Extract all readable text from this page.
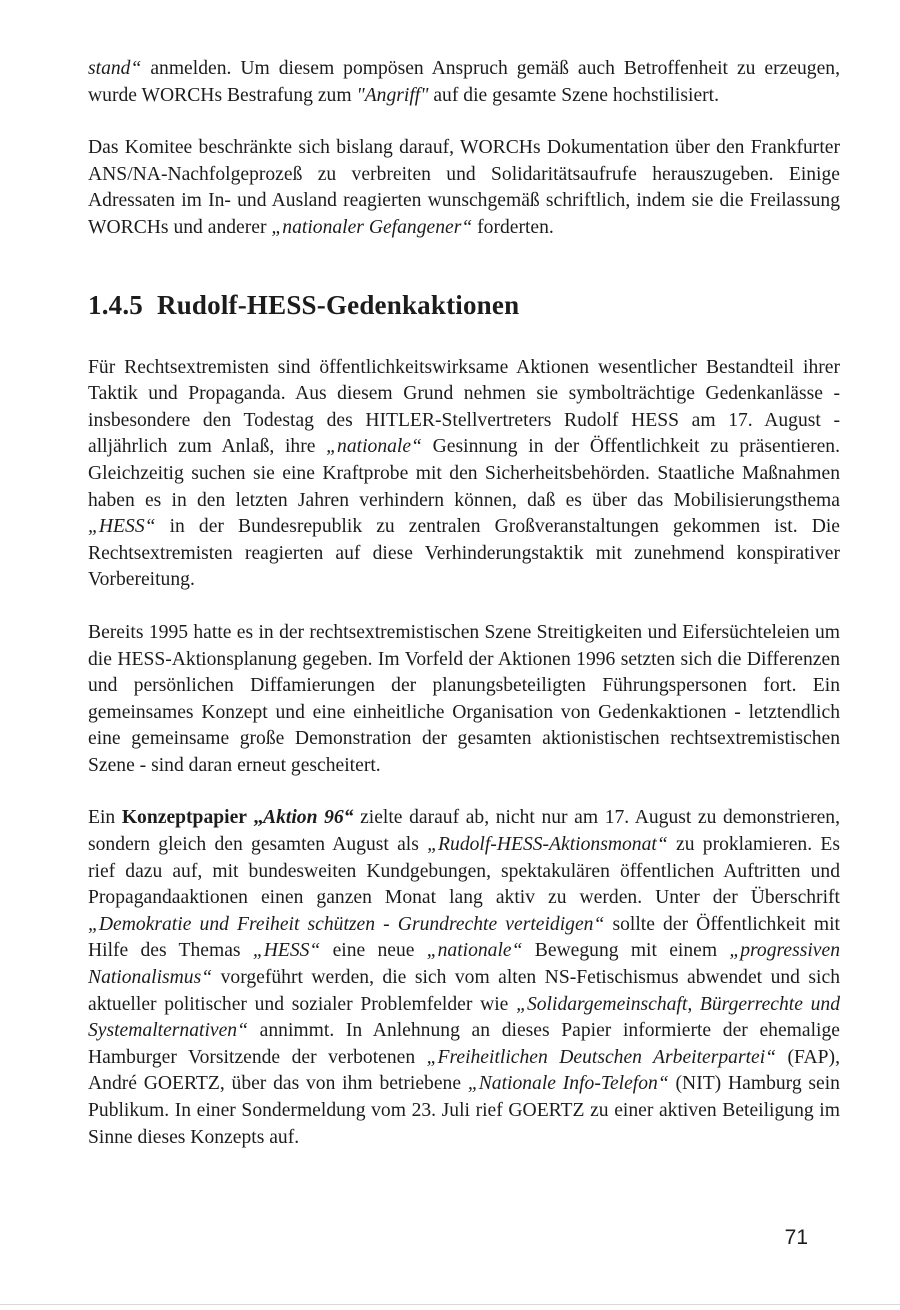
stand“ anmelden. Um diesem pompösen Anspruch gemäß auch Betroffenheit zu erzeugen, wurde WORCHs Bestrafung zum "Angriff" auf die gesamte Szene hochstilisiert.

Das Komitee beschränkte sich bislang darauf, WORCHs Dokumentation über den Frankfurter ANS/NA-Nachfolgeprozeß zu verbreiten und Solidaritätsaufrufe herauszugeben. Einige Adressaten im In- und Ausland reagierten wunschgemäß schriftlich, indem sie die Freilassung WORCHs und anderer „nationaler Gefangener“ forderten.

1.4.5 Rudolf-HESS-Gedenkaktionen

Für Rechtsextremisten sind öffentlichkeitswirksame Aktionen wesentlicher Bestandteil ihrer Taktik und Propaganda. Aus diesem Grund nehmen sie symbolträchtige Gedenkanlässe - insbesondere den Todestag des HITLER-Stellvertreters Rudolf HESS am 17. August - alljährlich zum Anlaß, ihre „nationale“ Gesinnung in der Öffentlichkeit zu präsentieren. Gleichzeitig suchen sie eine Kraftprobe mit den Sicherheitsbehörden. Staatliche Maßnahmen haben es in den letzten Jahren verhindern können, daß es über das Mobilisierungsthema „HESS“ in der Bundesrepublik zu zentralen Großveranstaltungen gekommen ist. Die Rechtsextremisten reagierten auf diese Verhinderungstaktik mit zunehmend konspirativer Vorbereitung.

Bereits 1995 hatte es in der rechtsextremistischen Szene Streitigkeiten und Eifersüchteleien um die HESS-Aktionsplanung gegeben. Im Vorfeld der Aktionen 1996 setzten sich die Differenzen und persönlichen Diffamierungen der planungsbeteiligten Führungspersonen fort. Ein gemeinsames Konzept und eine einheitliche Organisation von Gedenkaktionen - letztendlich eine gemeinsame große Demonstration der gesamten aktionistischen rechtsextremistischen Szene - sind daran erneut gescheitert.

Ein Konzeptpapier „Aktion 96“ zielte darauf ab, nicht nur am 17. August zu demonstrieren, sondern gleich den gesamten August als „Rudolf-HESS-Aktionsmonat“ zu proklamieren. Es rief dazu auf, mit bundesweiten Kundgebungen, spektakulären öffentlichen Auftritten und Propagandaaktionen einen ganzen Monat lang aktiv zu werden. Unter der Überschrift „Demokratie und Freiheit schützen - Grundrechte verteidigen“ sollte der Öffentlichkeit mit Hilfe des Themas „HESS“ eine neue „nationale“ Bewegung mit einem „progressiven Nationalismus“ vorgeführt werden, die sich vom alten NS-Fetischismus abwendet und sich aktueller politischer und sozialer Problemfelder wie „Solidargemeinschaft, Bürgerrechte und Systemalternativen“ annimmt. In Anlehnung an dieses Papier informierte der ehemalige Hamburger Vorsitzende der verbotenen „Freiheitlichen Deutschen Arbeiterpartei“ (FAP), André GOERTZ, über das von ihm betriebene „Nationale Info-Telefon“ (NIT) Hamburg sein Publikum. In einer Sondermeldung vom 23. Juli rief GOERTZ zu einer aktiven Beteiligung im Sinne dieses Konzepts auf.

71
